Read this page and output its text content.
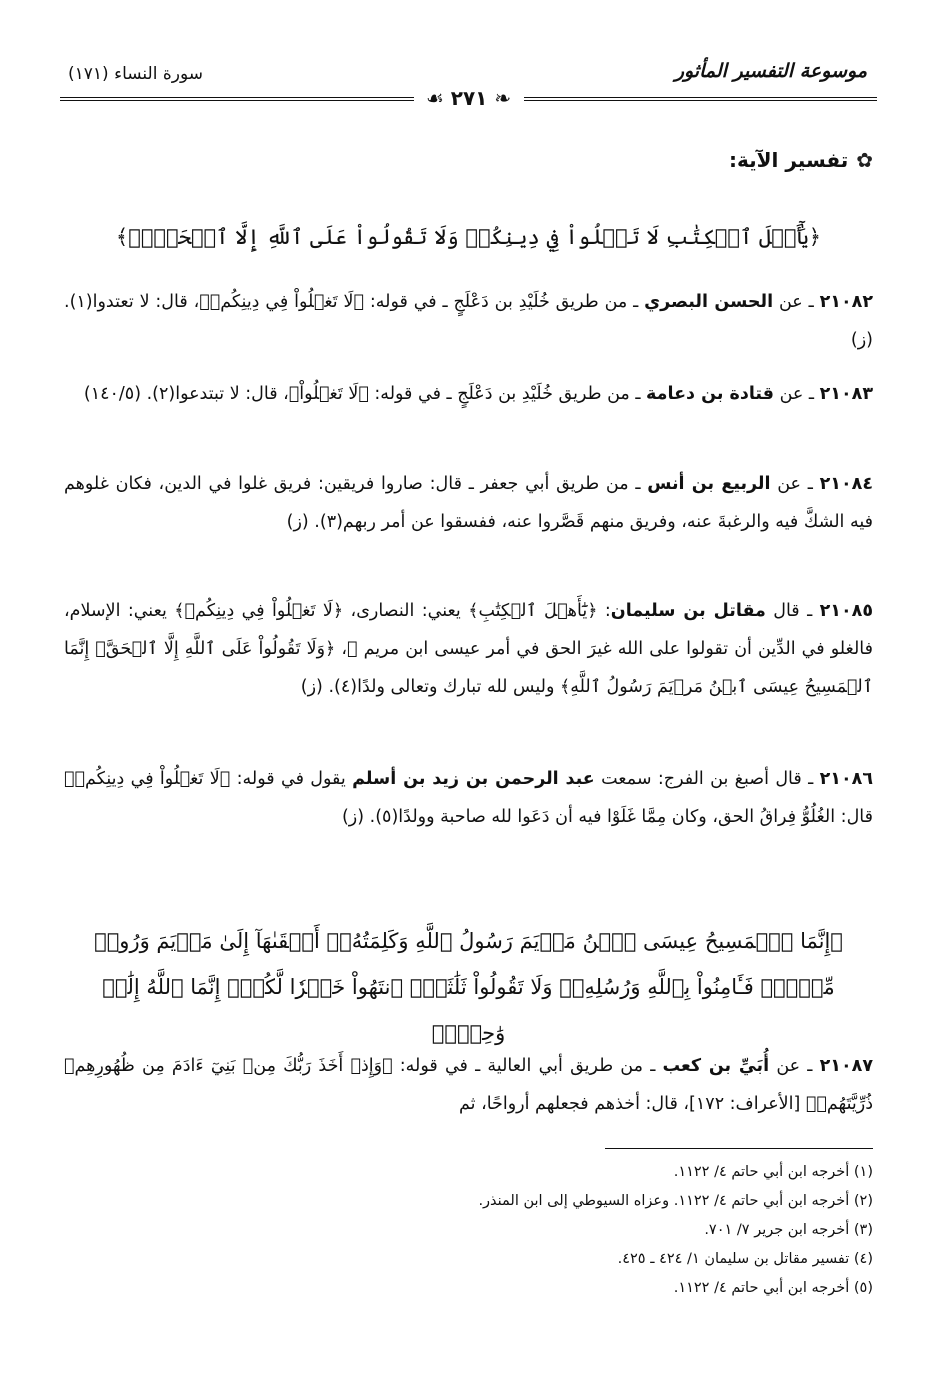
موسوعة التفسير المأثور
سورة النساء (١٧١)
❧ ٢٧١ ☙
✿تفسير الآية:
﴿يَٰٓأَهۡلَ ٱلۡكِتَٰبِ لَا تَغۡلُواْ فِي دِينِكُمۡ وَلَا تَقُولُواْ عَلَى ٱللَّهِ إِلَّا ٱلۡحَقَّۚ﴾
٢١٠٨٢ ـ عن الحسن البصري ـ من طريق خُلَيْدِ بن دَعْلَجٍ ـ في قوله: ﴿لَا تَغۡلُواْ فِي دِينِكُمۡ﴾، قال: لا تعتدوا(١). (ز)
٢١٠٨٣ ـ عن قتادة بن دعامة ـ من طريق خُلَيْدِ بن دَعْلَجٍ ـ في قوله: ﴿لَا تَغۡلُواْ﴾، قال: لا تبتدعوا(٢). (١٤٠/٥)
٢١٠٨٤ ـ عن الربيع بن أنس ـ من طريق أبي جعفر ـ قال: صاروا فريقين: فريق غلوا في الدين، فكان غلوهم فيه الشكَّ فيه والرغبةَ عنه، وفريق منهم قَصَّروا عنه، ففسقوا عن أمر ربهم(٣). (ز)
٢١٠٨٥ ـ قال مقاتل بن سليمان: ﴿يَٰٓأَهۡلَ ٱلۡكِتَٰبِ﴾ يعني: النصارى، ﴿لَا تَغۡلُواْ فِي دِينِكُمۡ﴾ يعني: الإسلام، فالغلو في الدِّين أن تقولوا على الله غيرَ الحق في أمر عيسى ابن مريم ﷺ، ﴿وَلَا تَقُولُواْ عَلَى ٱللَّهِ إِلَّا ٱلۡحَقَّۚ إِنَّمَا ٱلۡمَسِيحُ عِيسَى ٱبۡنُ مَرۡيَمَ رَسُولُ ٱللَّهِ﴾ وليس لله تبارك وتعالى ولدًا(٤). (ز)
٢١٠٨٦ ـ قال أصبغ بن الفرج: سمعت عبد الرحمن بن زيد بن أسلم يقول في قوله: ﴿لَا تَغۡلُواْ فِي دِينِكُمۡ﴾ قال: الغُلُوُّ فِراقُ الحق، وكان مِمَّا غَلَوْا فيه أن دَعَوا لله صاحبة وولدًا(٥). (ز)
﴿إِنَّمَا ٱلۡمَسِيحُ عِيسَى ٱبۡنُ مَرۡيَمَ رَسُولُ ٱللَّهِ وَكَلِمَتُهُۥٓ أَلۡقَىٰهَآ إِلَىٰ مَرۡيَمَ وَرُوحٞ مِّنۡهُۖ فَـَٔامِنُواْ بِٱللَّهِ وَرُسُلِهِۦۖ وَلَا تَقُولُواْ ثَلَٰثَةٌۚ ٱنتَهُواْ خَيۡرٗا لَّكُمۡۚ إِنَّمَا ٱللَّهُ إِلَٰهٞ وَٰحِدٞۖ﴾
٢١٠٨٧ ـ عن أُبَيِّ بن كعب ـ من طريق أبي العالية ـ في قوله: ﴿وَإِذۡ أَخَذَ رَبُّكَ مِنۢ بَنِيٓ ءَادَمَ مِن ظُهُورِهِمۡ ذُرِّيَّتَهُمۡ﴾ [الأعراف: ١٧٢]، قال: أخذهم فجعلهم أرواحًا، ثم
(١) أخرجه ابن أبي حاتم ٤/ ١١٢٢.
(٢) أخرجه ابن أبي حاتم ٤/ ١١٢٢. وعزاه السيوطي إلى ابن المنذر.
(٣) أخرجه ابن جرير ٧/ ٧٠١.
(٤) تفسير مقاتل بن سليمان ١/ ٤٢٤ ـ ٤٢٥.
(٥) أخرجه ابن أبي حاتم ٤/ ١١٢٢.
